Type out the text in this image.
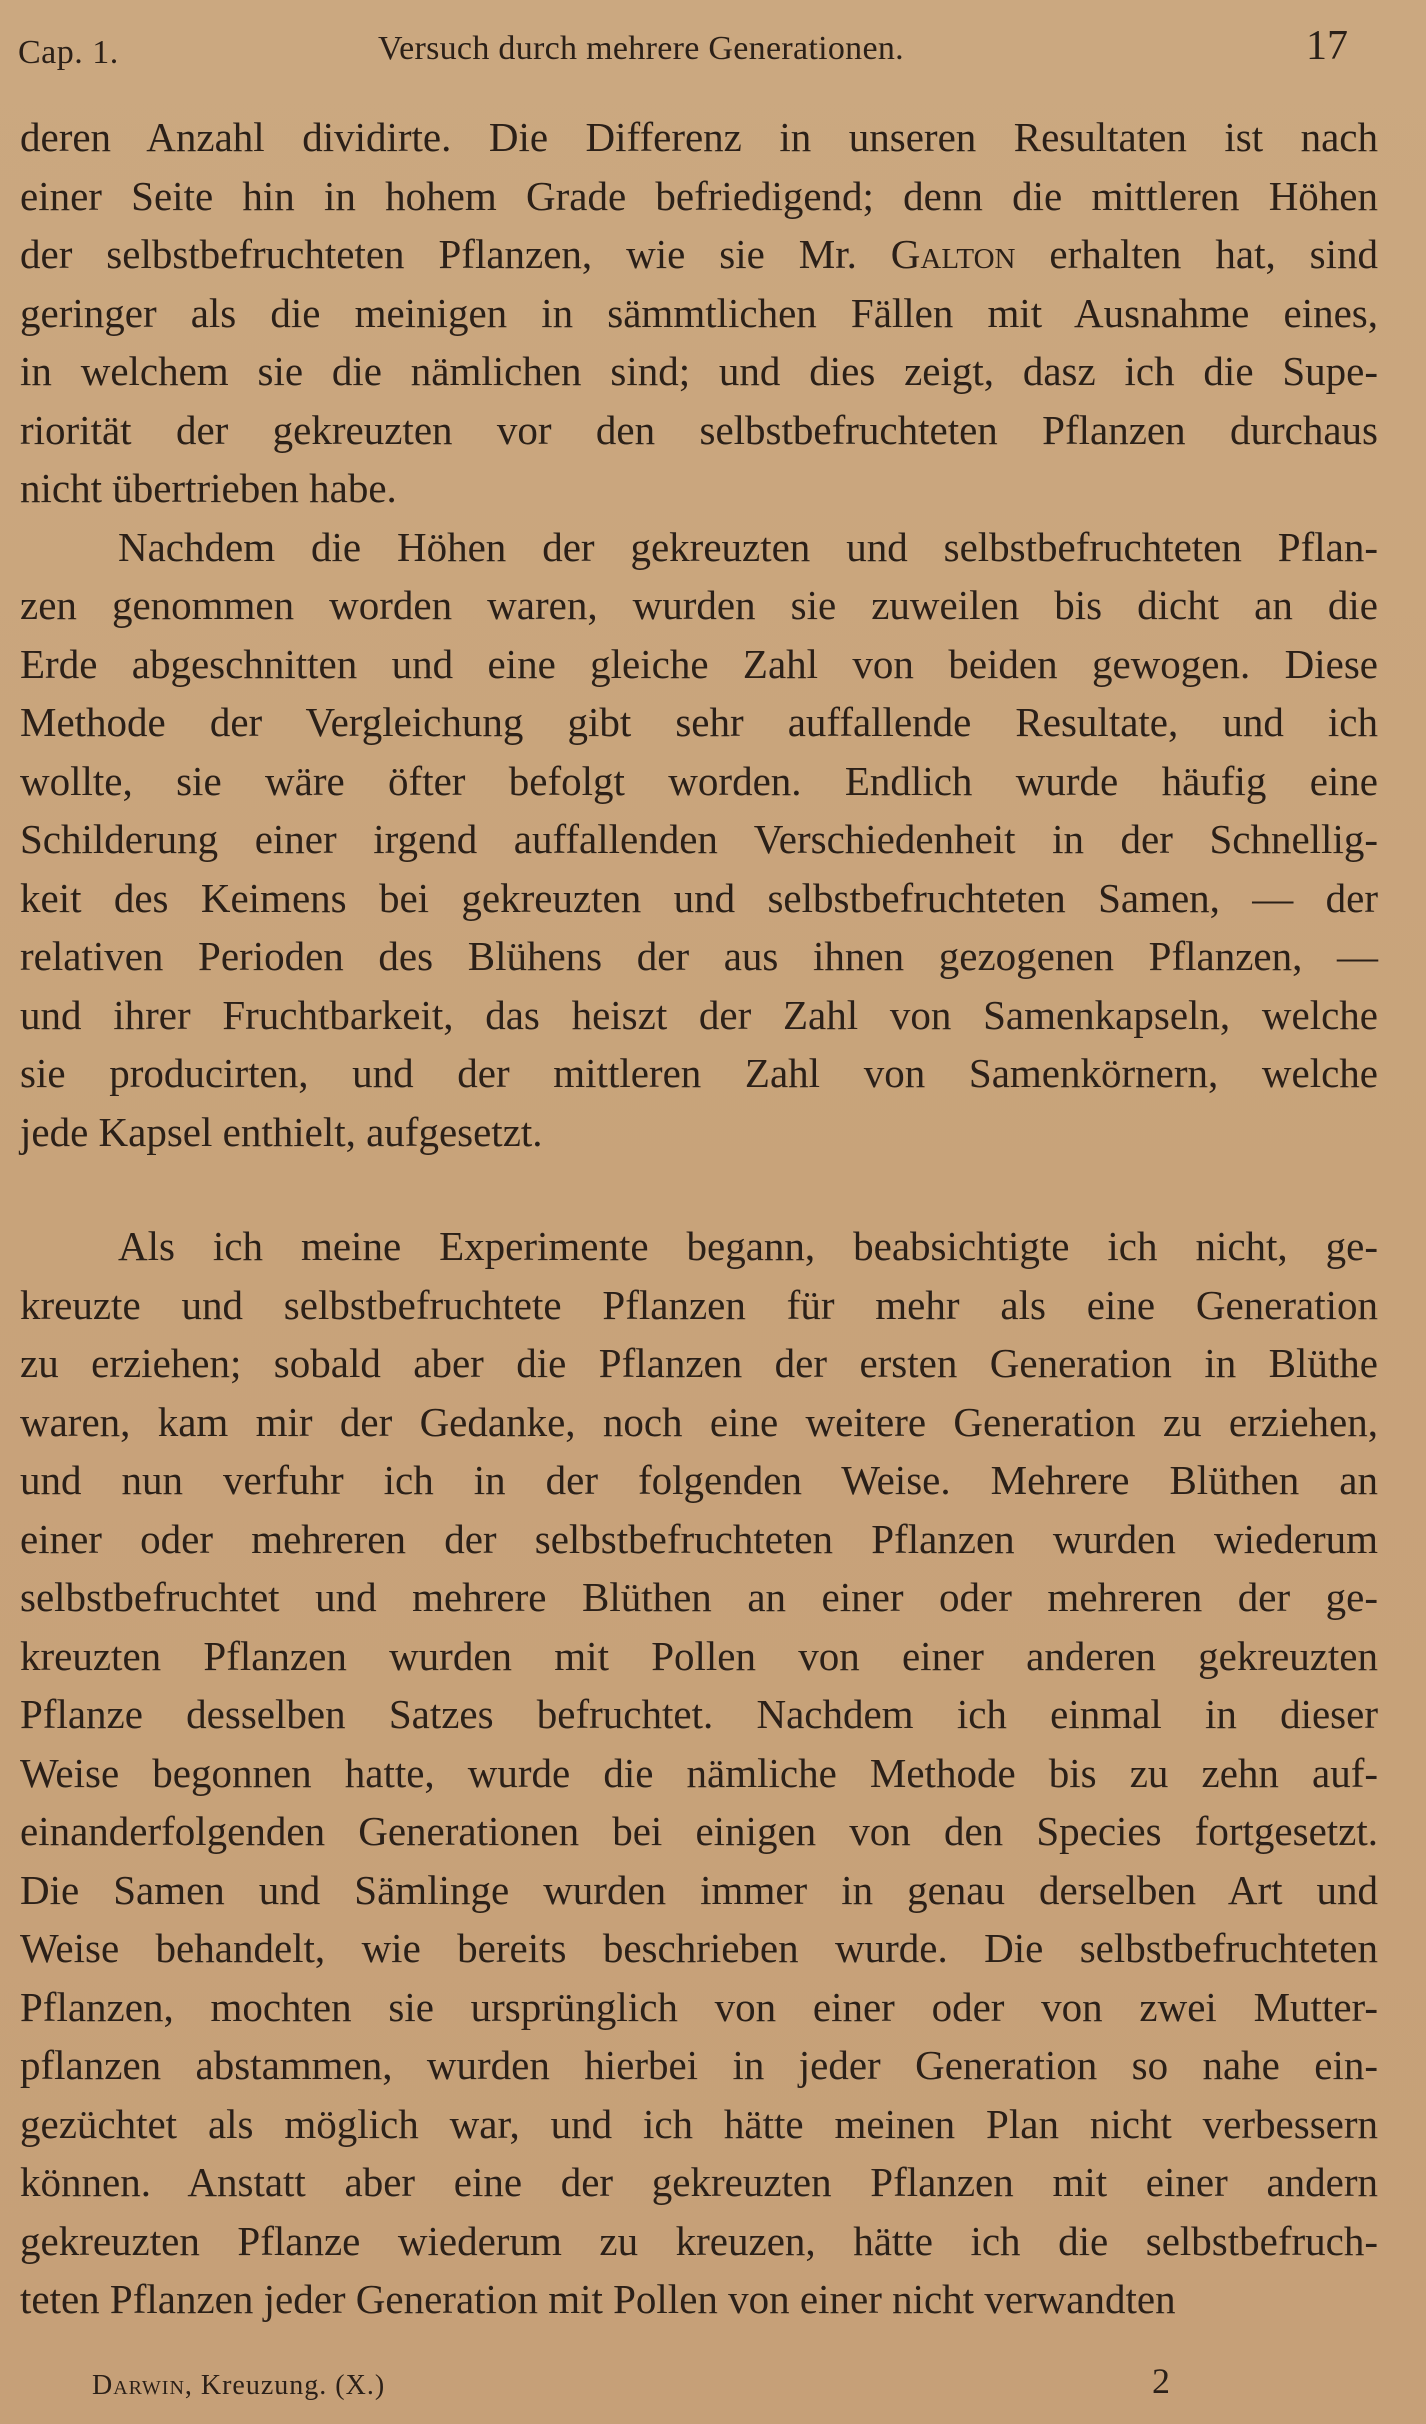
Cap. 1.	Versuch durch mehrere Generationen.	17
deren Anzahl dividirte. Die Differenz in unseren Resultaten ist nach
einer Seite hin in hohem Grade befriedigend; denn die mittleren Höhen
der selbstbefruchteten Pflanzen, wie sie Mr. Galton erhalten hat, sind
geringer als die meinigen in sämmtlichen Fällen mit Ausnahme eines,
in welchem sie die nämlichen sind; und dies zeigt, dasz ich die Supe-
riorität der gekreuzten vor den selbstbefruchteten Pflanzen durchaus
nicht übertrieben habe.
Nachdem die Höhen der gekreuzten und selbstbefruchteten Pflan-
zen genommen worden waren, wurden sie zuweilen bis dicht an die
Erde abgeschnitten und eine gleiche Zahl von beiden gewogen. Diese
Methode der Vergleichung gibt sehr auffallende Resultate, und ich
wollte, sie wäre öfter befolgt worden. Endlich wurde häufig eine
Schilderung einer irgend auffallenden Verschiedenheit in der Schnellig-
keit des Keimens bei gekreuzten und selbstbefruchteten Samen, — der
relativen Perioden des Blühens der aus ihnen gezogenen Pflanzen, —
und ihrer Fruchtbarkeit, das heiszt der Zahl von Samenkapseln, welche
sie producirten, und der mittleren Zahl von Samenkörnern, welche
jede Kapsel enthielt, aufgesetzt.
Als ich meine Experimente begann, beabsichtigte ich nicht, ge-
kreuzte und selbstbefruchtete Pflanzen für mehr als eine Generation
zu erziehen; sobald aber die Pflanzen der ersten Generation in Blüthe
waren, kam mir der Gedanke, noch eine weitere Generation zu erziehen,
und nun verfuhr ich in der folgenden Weise. Mehrere Blüthen an
einer oder mehreren der selbstbefruchteten Pflanzen wurden wiederum
selbstbefruchtet und mehrere Blüthen an einer oder mehreren der ge-
kreuzten Pflanzen wurden mit Pollen von einer anderen gekreuzten
Pflanze desselben Satzes befruchtet. Nachdem ich einmal in dieser
Weise begonnen hatte, wurde die nämliche Methode bis zu zehn auf-
einanderfolgenden Generationen bei einigen von den Species fortgesetzt.
Die Samen und Sämlinge wurden immer in genau derselben Art und
Weise behandelt, wie bereits beschrieben wurde. Die selbstbefruchteten
Pflanzen, mochten sie ursprünglich von einer oder von zwei Mutter-
pflanzen abstammen, wurden hierbei in jeder Generation so nahe ein-
gezüchtet als möglich war, und ich hätte meinen Plan nicht verbessern
können. Anstatt aber eine der gekreuzten Pflanzen mit einer andern
gekreuzten Pflanze wiederum zu kreuzen, hätte ich die selbstbefruch-
teten Pflanzen jeder Generation mit Pollen von einer nicht verwandten
Darwin, Kreuzung. (X.)	2
